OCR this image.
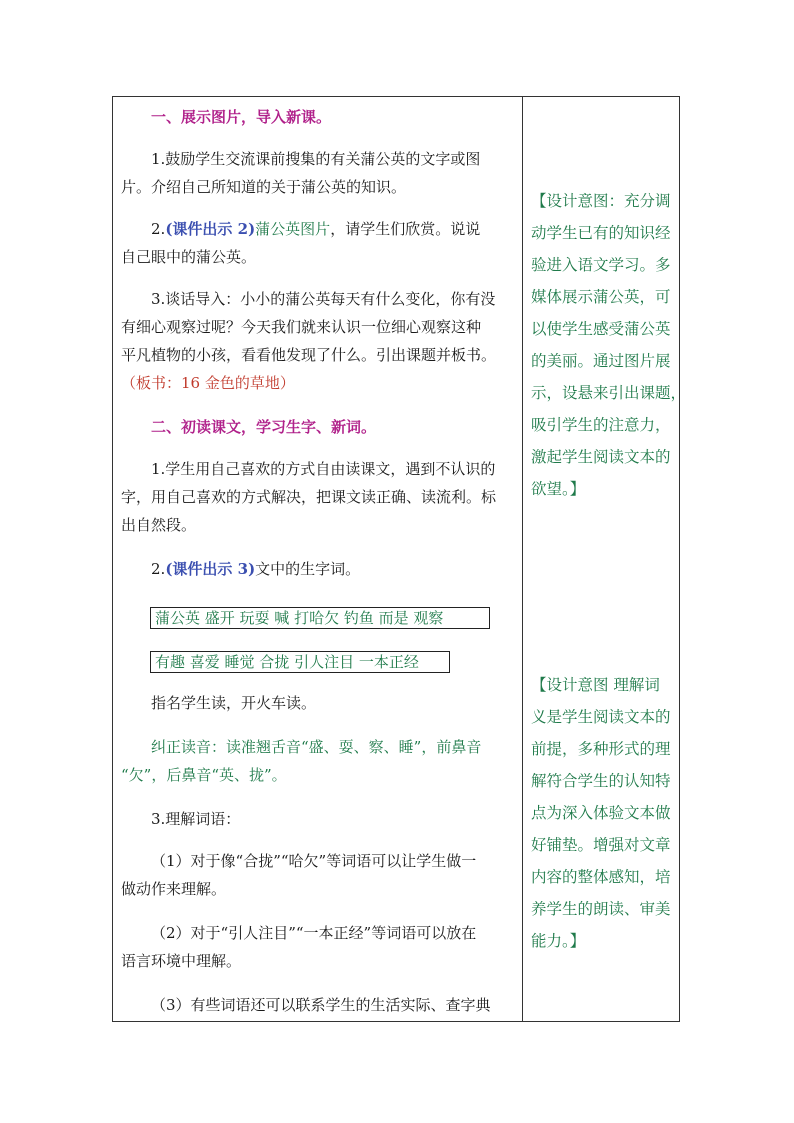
一、展示图片，导入新课。
1.鼓励学生交流课前搜集的有关蒲公英的文字或图
片。介绍自己所知道的关于蒲公英的知识。
2.(课件出示 2)蒲公英图片，请学生们欣赏。说说
自己眼中的蒲公英。
3.谈话导入：小小的蒲公英每天有什么变化，你有没
有细心观察过呢？今天我们就来认识一位细心观察这种
平凡植物的小孩，看看他发现了什么。引出课题并板书。
（板书：16 金色的草地）
二、初读课文，学习生字、新词。
1.学生用自己喜欢的方式自由读课文，遇到不认识的
字，用自己喜欢的方式解决，把课文读正确、读流利。标
出自然段。
2.(课件出示 3)文中的生字词。
蒲公英 盛开 玩耍 喊 打哈欠 钓鱼 而是 观察
有趣 喜爱 睡觉 合拢 引人注目 一本正经
指名学生读，开火车读。
纠正读音：读准翘舌音“盛、耍、察、睡”，前鼻音
“欠”，后鼻音“英、拢”。
3.理解词语：
（1）对于像“合拢”“哈欠”等词语可以让学生做一
做动作来理解。
（2）对于“引人注目”“一本正经”等词语可以放在
语言环境中理解。
（3）有些词语还可以联系学生的生活实际、查字典
【设计意图：充分调
动学生已有的知识经
验进入语文学习。多
媒体展示蒲公英，可
以使学生感受蒲公英
的美丽。通过图片展
示，设悬来引出课题，
吸引学生的注意力，
激起学生阅读文本的
欲望。】
【设计意图 理解词
义是学生阅读文本的
前提，多种形式的理
解符合学生的认知特
点为深入体验文本做
好铺垫。增强对文章
内容的整体感知，培
养学生的朗读、审美
能力。】
